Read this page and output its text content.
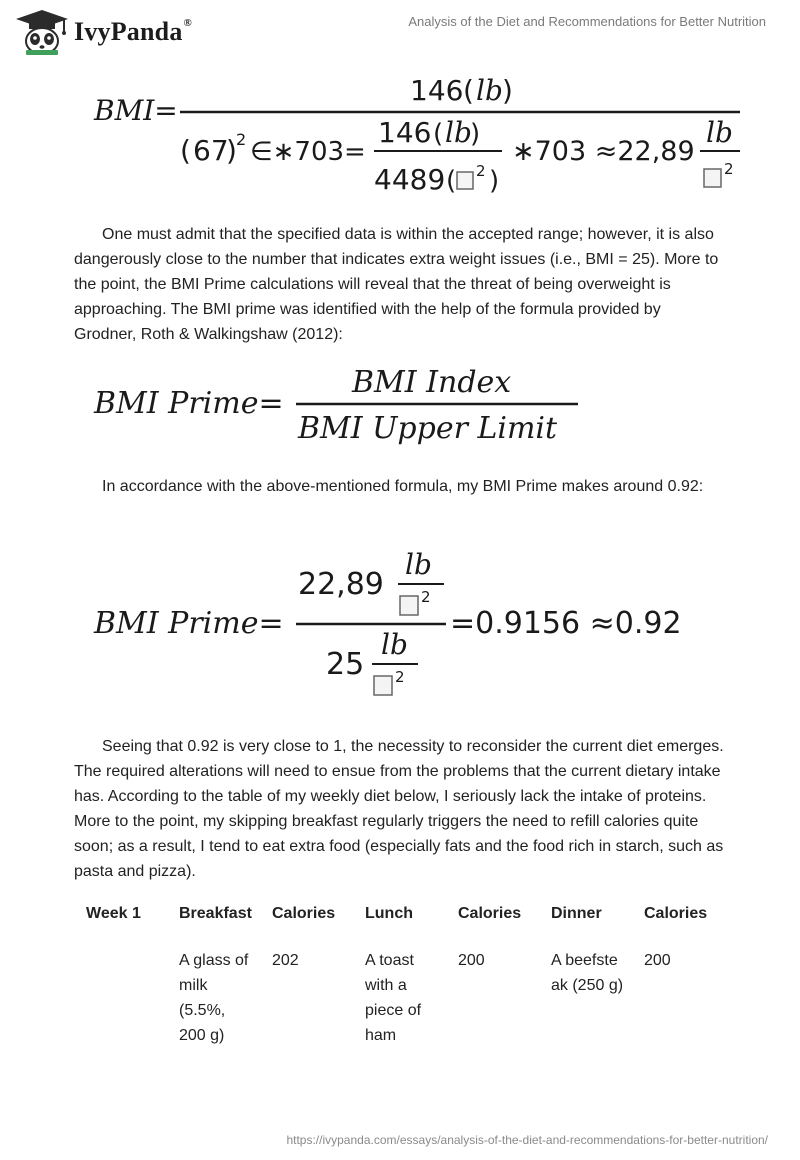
IvyPanda®	Analysis of the Diet and Recommendations for Better Nutrition
BMI=
146 ( lb )
( 67
) 2 ∈∗703=
146 ( lb
)
4489 ( 2 )
∗703 ≈22,89
lb
2

One must admit that the specified data is within the accepted range; however, it is also dangerously close to the number that indicates extra weight issues (i.e., BMI = 25). More to the point, the BMI Prime calculations will reveal that the threat of being overweight is approaching. The BMI prime was identified with the help of the formula provided by Grodner, Roth & Walkingshaw (2012):

BMI Prime=
BMI Index
BMI Upper Limit

In accordance with the above-mentioned formula, my BMI Prime makes around 0.92:

BMI Prime=
22,89
lb
2
25
lb
2
=0.9156 ≈0.92

Seeing that 0.92 is very close to 1, the necessity to reconsider the current diet emerges. The required alterations will need to ensue from the problems that the current dietary intake has. According to the table of my weekly diet below, I seriously lack the intake of proteins. More to the point, my skipping breakfast regularly triggers the need to refill calories quite soon; as a result, I tend to eat extra food (especially fats and the food rich in starch, such as pasta and pizza).

Week 1	Breakfast	Calories	Lunch	Calories	Dinner	Calories
	A glass of milk (5.5%, 200 g)	202	A toast with a piece of ham	200	A beefsteak (250 g)	200
https://ivypanda.com/essays/analysis-of-the-diet-and-recommendations-for-better-nutrition/
